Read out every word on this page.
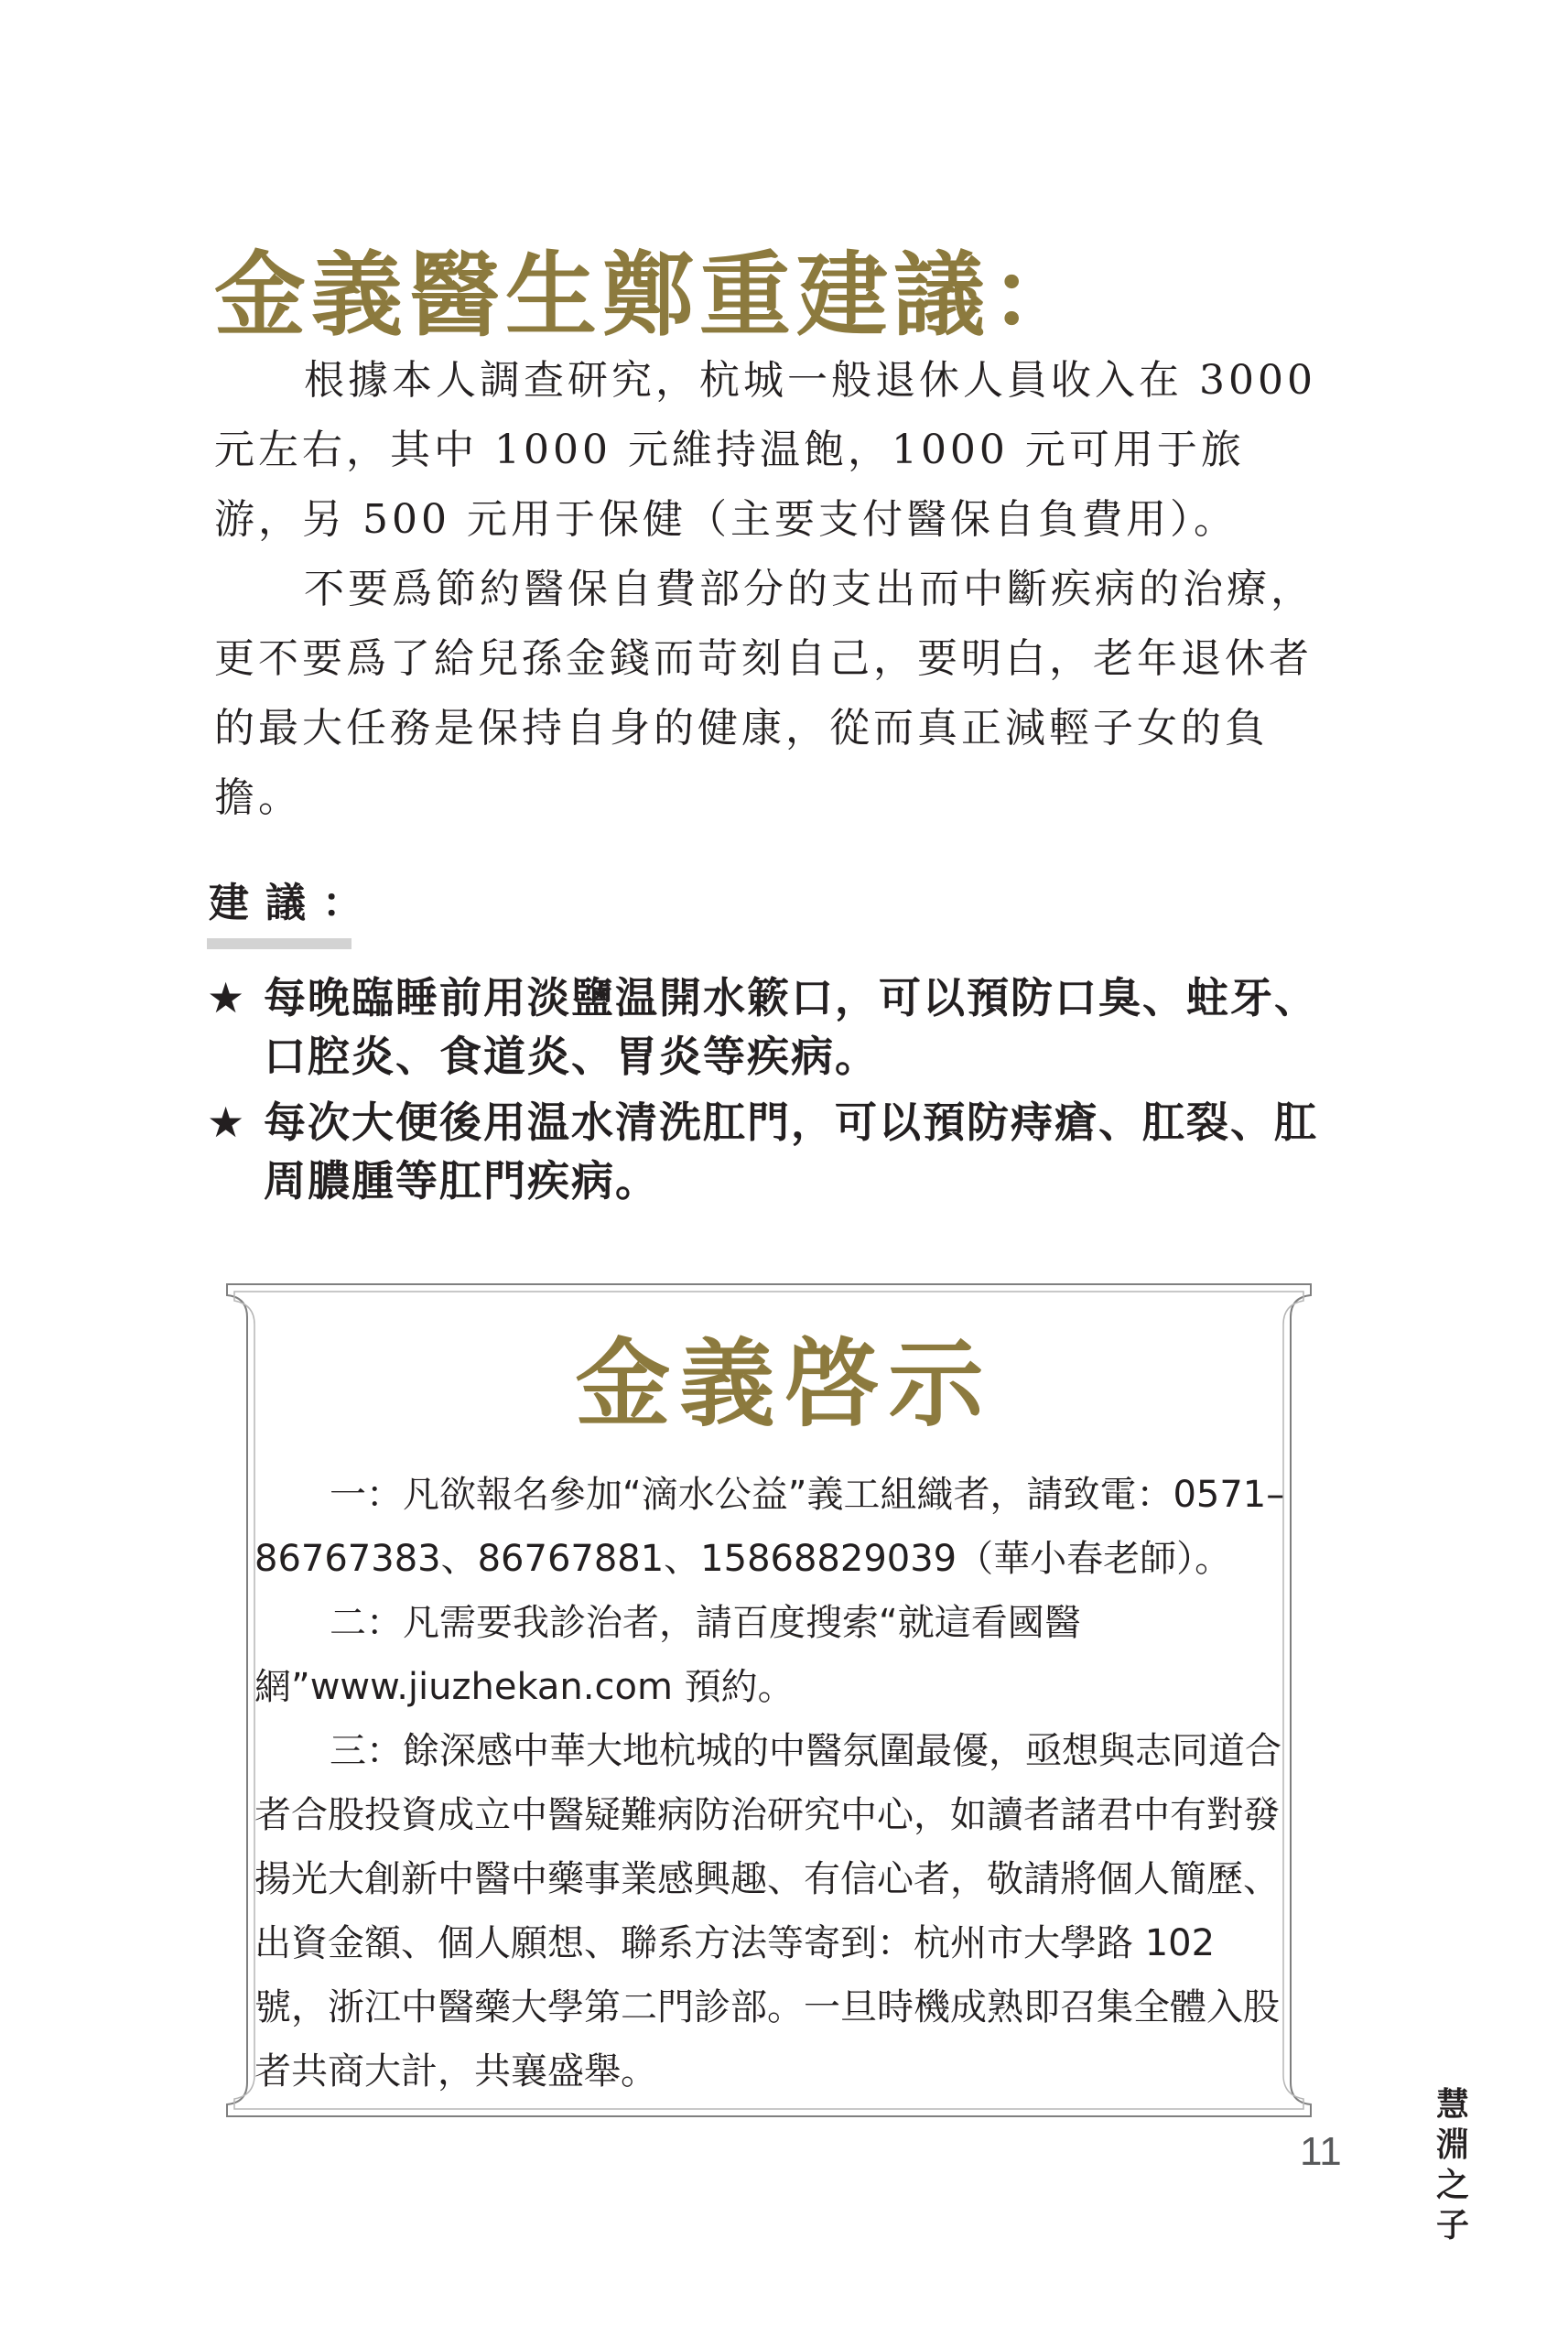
金義醫生鄭重建議：

根據本人調查研究，杭城一般退休人員收入在 3000 元左右，其中 1000 元維持温飽，1000 元可用于旅游，另 500 元用于保健（主要支付醫保自負費用）。

不要爲節約醫保自費部分的支出而中斷疾病的治療，更不要爲了給兒孫金錢而苛刻自己，要明白，老年退休者的最大任務是保持自身的健康，從而真正減輕子女的負擔。

建議：
★ 每晚臨睡前用淡鹽温開水簌口，可以預防口臭、蛀牙、口腔炎、食道炎、胃炎等疾病。
★ 每次大便後用温水清洗肛門，可以預防痔瘡、肛裂、肛周膿腫等肛門疾病。
金義啓示

一：凡欲報名參加“滴水公益”義工組織者，請致電：0571–86767383、86767881、15868829039（華小春老師）。

二：凡需要我診治者，請百度搜索“就這看國醫網”www.jiuzhekan.com 預約。

三：餘深感中華大地杭城的中醫氛圍最優，亟想與志同道合者合股投資成立中醫疑難病防治研究中心，如讀者諸君中有對發揚光大創新中醫中藥事業感興趣、有信心者，敬請將個人簡歷、出資金額、個人願想、聯系方法等寄到：杭州市大學路 102 號，浙江中醫藥大學第二門診部。一旦時機成熟即召集全體入股者共商大計，共襄盛舉。

11
慧
淵
之
子
